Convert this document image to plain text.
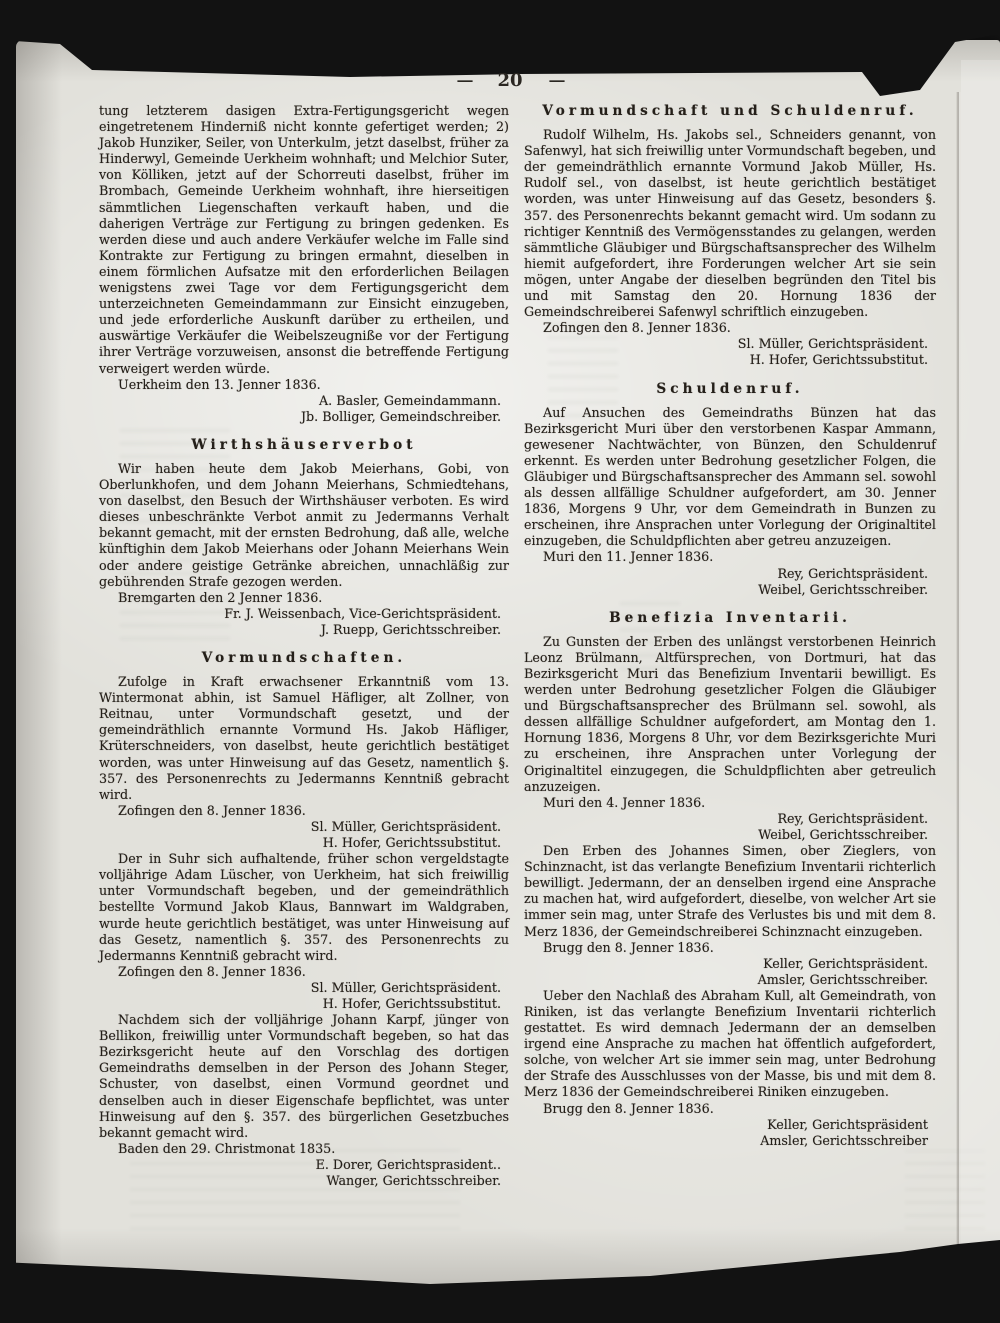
— 20 —
tung letzterem dasigen Extra-Fertigungsgericht wegen eingetretenem Hinderniß nicht konnte gefertiget werden; 2) Jakob Hunziker, Seiler, von Unterkulm, jetzt daselbst, früher za Hinderwyl, Gemeinde Uerkheim wohnhaft; und Melchior Suter, von Kölliken, jetzt auf der Schorreuti daselbst, früher im Brombach, Gemeinde Uerkheim wohnhaft, ihre hierseitigen sämmtlichen Liegenschaften verkauft haben, und die daherigen Verträge zur Fertigung zu bringen gedenken. Es werden diese und auch andere Verkäufer welche im Falle sind Kontrakte zur Fertigung zu bringen ermahnt, dieselben in einem förmlichen Aufsatze mit den erforderlichen Beilagen wenigstens zwei Tage vor dem Fertigungsgericht dem unterzeichneten Gemeindammann zur Einsicht einzugeben, und jede erforderliche Auskunft darüber zu ertheilen, und auswärtige Verkäufer die Weibelszeugniße vor der Fertigung ihrer Verträge vorzuweisen, ansonst die betreffende Fertigung verweigert werden würde.
Uerkheim den 13. Jenner 1836.
A. Basler, Gemeindammann.
Jb. Bolliger, Gemeindschreiber.
Wirthshäuserverbot
Wir haben heute dem Jakob Meierhans, Gobi, von Oberlunkhofen, und dem Johann Meierhans, Schmiedtehans, von daselbst, den Besuch der Wirthshäuser verboten. Es wird dieses unbeschränkte Verbot anmit zu Jedermanns Verhalt bekannt gemacht, mit der ernsten Bedrohung, daß alle, welche künftighin dem Jakob Meierhans oder Johann Meierhans Wein oder andere geistige Getränke abreichen, unnachläßig zur gebührenden Strafe gezogen werden.
Bremgarten den 2 Jenner 1836.
Fr. J. Weissenbach, Vice-Gerichtspräsident.
J. Ruepp, Gerichtsschreiber.
Vormundschaften.
Zufolge in Kraft erwachsener Erkanntniß vom 13. Wintermonat abhin, ist Samuel Häfliger, alt Zollner, von Reitnau, unter Vormundschaft gesetzt, und der gemeindräthlich ernannte Vormund Hs. Jakob Häfliger, Krüterschneiders, von daselbst, heute gerichtlich bestätiget worden, was unter Hinweisung auf das Gesetz, namentlich §. 357. des Personenrechts zu Jedermanns Kenntniß gebracht wird.
Zofingen den 8. Jenner 1836.
Sl. Müller, Gerichtspräsident.
H. Hofer, Gerichtssubstitut.
Der in Suhr sich aufhaltende, früher schon vergeldstagte volljährige Adam Lüscher, von Uerkheim, hat sich freiwillig unter Vormundschaft begeben, und der gemeindräthlich bestellte Vormund Jakob Klaus, Bannwart im Waldgraben, wurde heute gerichtlich bestätiget, was unter Hinweisung auf das Gesetz, namentlich §. 357. des Personenrechts zu Jedermanns Kenntniß gebracht wird.
Zofingen den 8. Jenner 1836.
Sl. Müller, Gerichtspräsident.
H. Hofer, Gerichtssubstitut.
Nachdem sich der volljährige Johann Karpf, jünger von Bellikon, freiwillig unter Vormundschaft begeben, so hat das Bezirksgericht heute auf den Vorschlag des dortigen Gemeindraths demselben in der Person des Johann Steger, Schuster, von daselbst, einen Vormund geordnet und denselben auch in dieser Eigenschafe bepflichtet, was unter Hinweisung auf den §. 357. des bürgerlichen Gesetzbuches bekannt gemacht wird.
Baden den 29. Christmonat 1835.
E. Dorer, Gerichtsprasident..
Wanger, Gerichtsschreiber.
Vormundschaft und Schuldenruf.
Rudolf Wilhelm, Hs. Jakobs sel., Schneiders genannt, von Safenwyl, hat sich freiwillig unter Vormundschaft begeben, und der gemeindräthlich ernannte Vormund Jakob Müller, Hs. Rudolf sel., von daselbst, ist heute gerichtlich bestätiget worden, was unter Hinweisung auf das Gesetz, besonders §. 357. des Personenrechts bekannt gemacht wird. Um sodann zu richtiger Kenntniß des Vermögensstandes zu gelangen, werden sämmtliche Gläubiger und Bürgschaftsansprecher des Wilhelm hiemit aufgefordert, ihre Forderungen welcher Art sie sein mögen, unter Angabe der dieselben begründen den Titel bis und mit Samstag den 20. Hornung 1836 der Gemeindschreiberei Safenwyl schriftlich einzugeben.
Zofingen den 8. Jenner 1836.
Sl. Müller, Gerichtspräsident.
H. Hofer, Gerichtssubstitut.
Schuldenruf.
Auf Ansuchen des Gemeindraths Bünzen hat das Bezirksgericht Muri über den verstorbenen Kaspar Ammann, gewesener Nachtwächter, von Bünzen, den Schuldenruf erkennt. Es werden unter Bedrohung gesetzlicher Folgen, die Gläubiger und Bürgschaftsansprecher des Ammann sel. sowohl als dessen allfällige Schuldner aufgefordert, am 30. Jenner 1836, Morgens 9 Uhr, vor dem Gemeindrath in Bunzen zu erscheinen, ihre Ansprachen unter Vorlegung der Originaltitel einzugeben, die Schuldpflichten aber getreu anzuzeigen.
Muri den 11. Jenner 1836.
Rey, Gerichtspräsident.
Weibel, Gerichtsschreiber.
Benefizia Inventarii.
Zu Gunsten der Erben des unlängst verstorbenen Heinrich Leonz Brülmann, Altfürsprechen, von Dortmuri, hat das Bezirksgericht Muri das Benefizium Inventarii bewilligt. Es werden unter Bedrohung gesetzlicher Folgen die Gläubiger und Bürgschaftsansprecher des Brülmann sel. sowohl, als dessen allfällige Schuldner aufgefordert, am Montag den 1. Hornung 1836, Morgens 8 Uhr, vor dem Bezirksgerichte Muri zu erscheinen, ihre Ansprachen unter Vorlegung der Originaltitel einzugegen, die Schuldpflichten aber getreulich anzuzeigen.
Muri den 4. Jenner 1836.
Rey, Gerichtspräsident.
Weibel, Gerichtsschreiber.
Den Erben des Johannes Simen, ober Zieglers, von Schinznacht, ist das verlangte Benefizium Inventarii richterlich bewilligt. Jedermann, der an denselben irgend eine Ansprache zu machen hat, wird aufgefordert, dieselbe, von welcher Art sie immer sein mag, unter Strafe des Verlustes bis und mit dem 8. Merz 1836, der Gemeindschreiberei Schinznacht einzugeben.
Brugg den 8. Jenner 1836.
Keller, Gerichtspräsident.
Amsler, Gerichtsschreiber.
Ueber den Nachlaß des Abraham Kull, alt Gemeindrath, von Riniken, ist das verlangte Benefizium Inventarii richterlich gestattet. Es wird demnach Jedermann der an demselben irgend eine Ansprache zu machen hat öffentlich aufgefordert, solche, von welcher Art sie immer sein mag, unter Bedrohung der Strafe des Ausschlusses von der Masse, bis und mit dem 8. Merz 1836 der Gemeindschreiberei Riniken einzugeben.
Brugg den 8. Jenner 1836.
Keller, Gerichtspräsident
Amsler, Gerichtsschreiber
